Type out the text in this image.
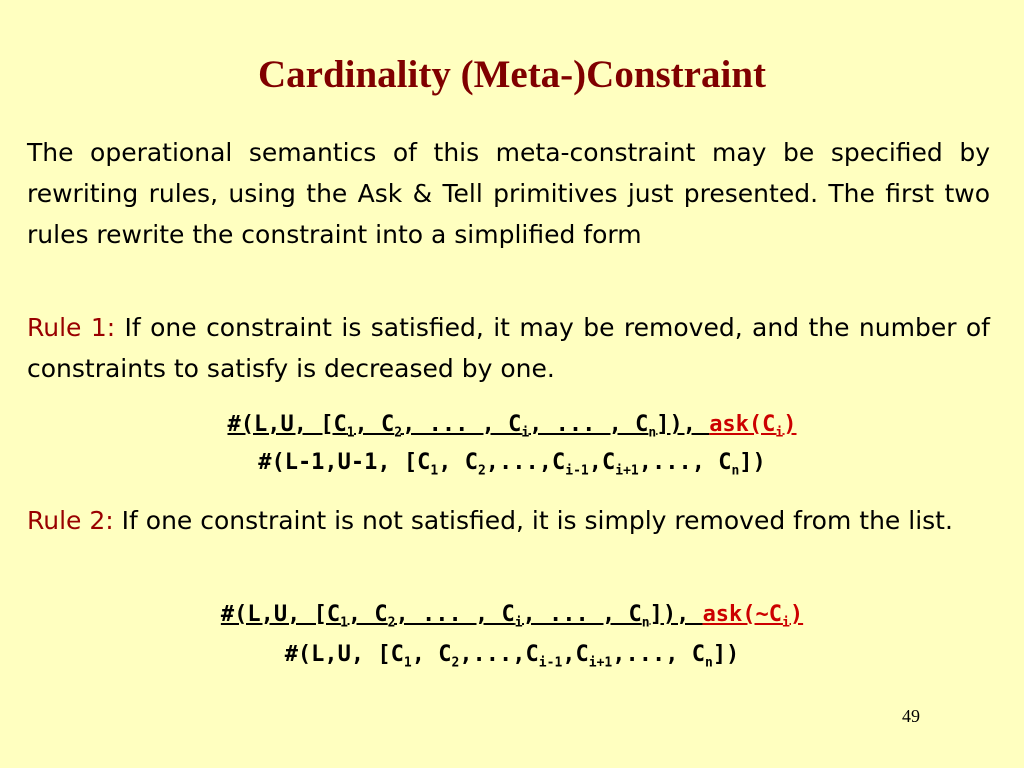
Cardinality (Meta-)Constraint
The operational semantics of this meta-constraint may be specified by rewriting rules, using the Ask & Tell primitives just presented. The first two rules rewrite the constraint into a simplified form
Rule 1: If one constraint is satisfied, it may be removed, and the number of constraints to satisfy is decreased by one.
#(L,U, [$C_1$, $C_2$, ... , $C_i$, ... , $C_n$]), $ask(C_i)$
#(L-1,U-1, [$C_1$, $C_2,...,C_{i-1},C_{i+1}$,..., $C_n$])
Rule 2: If one constraint is not satisfied, it is simply removed from the list.
#(L,U, [$C_1$, $C_2$, ... , $C_i$, ... , $C_n$]), $ask(\sim C_i)$
#(L,U, [$C_1$, $C_2,...,C_{i-1},C_{i+1}$,..., $C_n$])
49
